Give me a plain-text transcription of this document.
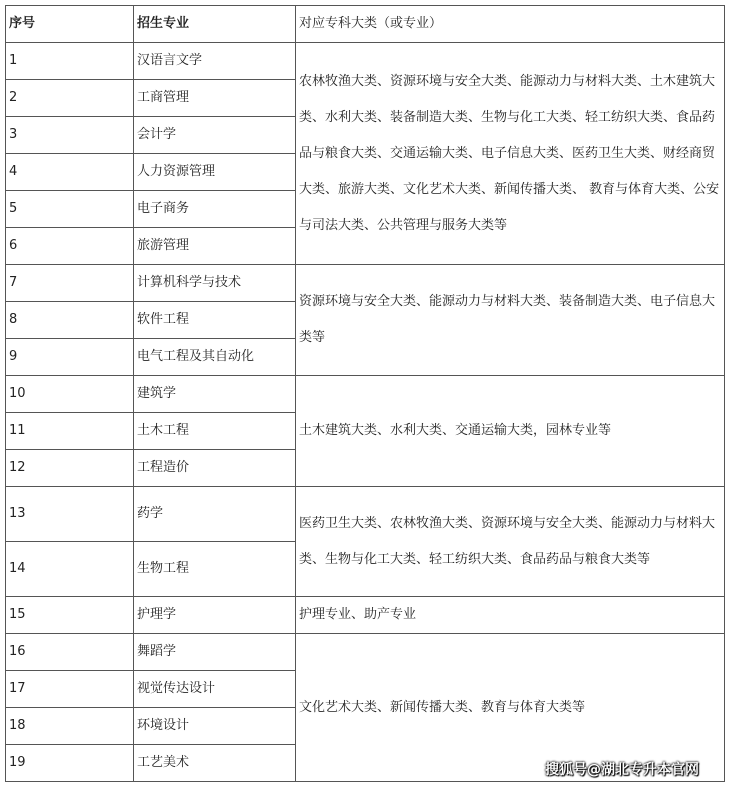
序号	招生专业	对应专科大类（或专业）
1	汉语言文学	农林牧渔大类、资源环境与安全大类、能源动力与材料大类、土木建筑大类、水利大类、装备制造大类、生物与化工大类、轻工纺织大类、食品药品与粮食大类、交通运输大类、电子信息大类、医药卫生大类、财经商贸大类、旅游大类、文化艺术大类、新闻传播大类、 教育与体育大类、公安与司法大类、公共管理与服务大类等
2	工商管理	
3	会计学	
4	人力资源管理	
5	电子商务	
6	旅游管理	
7	计算机科学与技术	资源环境与安全大类、能源动力与材料大类、装备制造大类、电子信息大类等
8	软件工程	
9	电气工程及其自动化	
10	建筑学	土木建筑大类、水利大类、交通运输大类，园林专业等
11	土木工程	
12	工程造价	
13	药学	医药卫生大类、农林牧渔大类、资源环境与安全大类、能源动力与材料大类、生物与化工大类、轻工纺织大类、食品药品与粮食大类等
14	生物工程	
15	护理学	护理专业、助产专业
16	舞蹈学	文化艺术大类、新闻传播大类、教育与体育大类等
17	视觉传达设计	
18	环境设计	
19	工艺美术		搜狐号@湖北专升本官网
